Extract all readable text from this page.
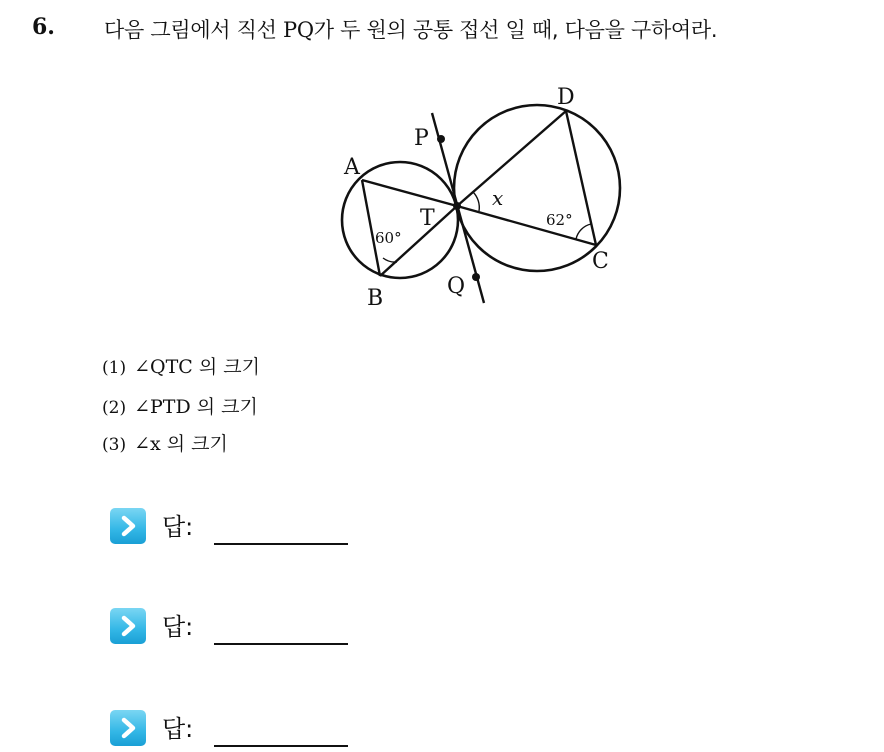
6. 다음 그림에서 직선 PQ가 두 원의 공통 접선 일 때, 다음을 구하여라.
A
B
C
D
P
Q
T
60°
62°
x
(1) ∠QTC 의 크기
(2) ∠PTD 의 크기
(3) ∠x 의 크기
답:
답:
답:
